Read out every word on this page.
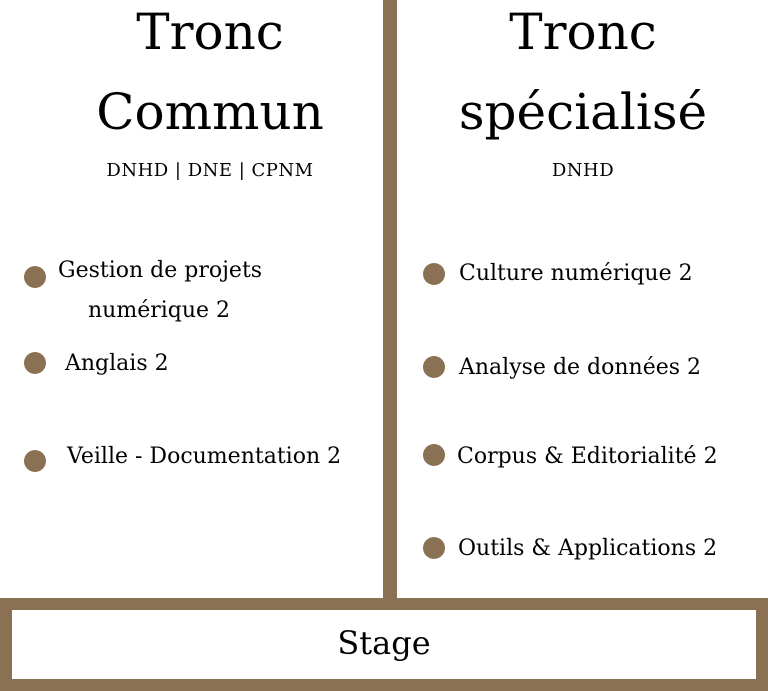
Tronc
Commun
DNHD | DNE | CPNM
Gestion de projets
numérique 2
Anglais 2
Veille - Documentation 2
Tronc
spécialisé
DNHD
Culture numérique 2
Analyse de données 2
Corpus & Editorialité 2
Outils & Applications 2
Stage
